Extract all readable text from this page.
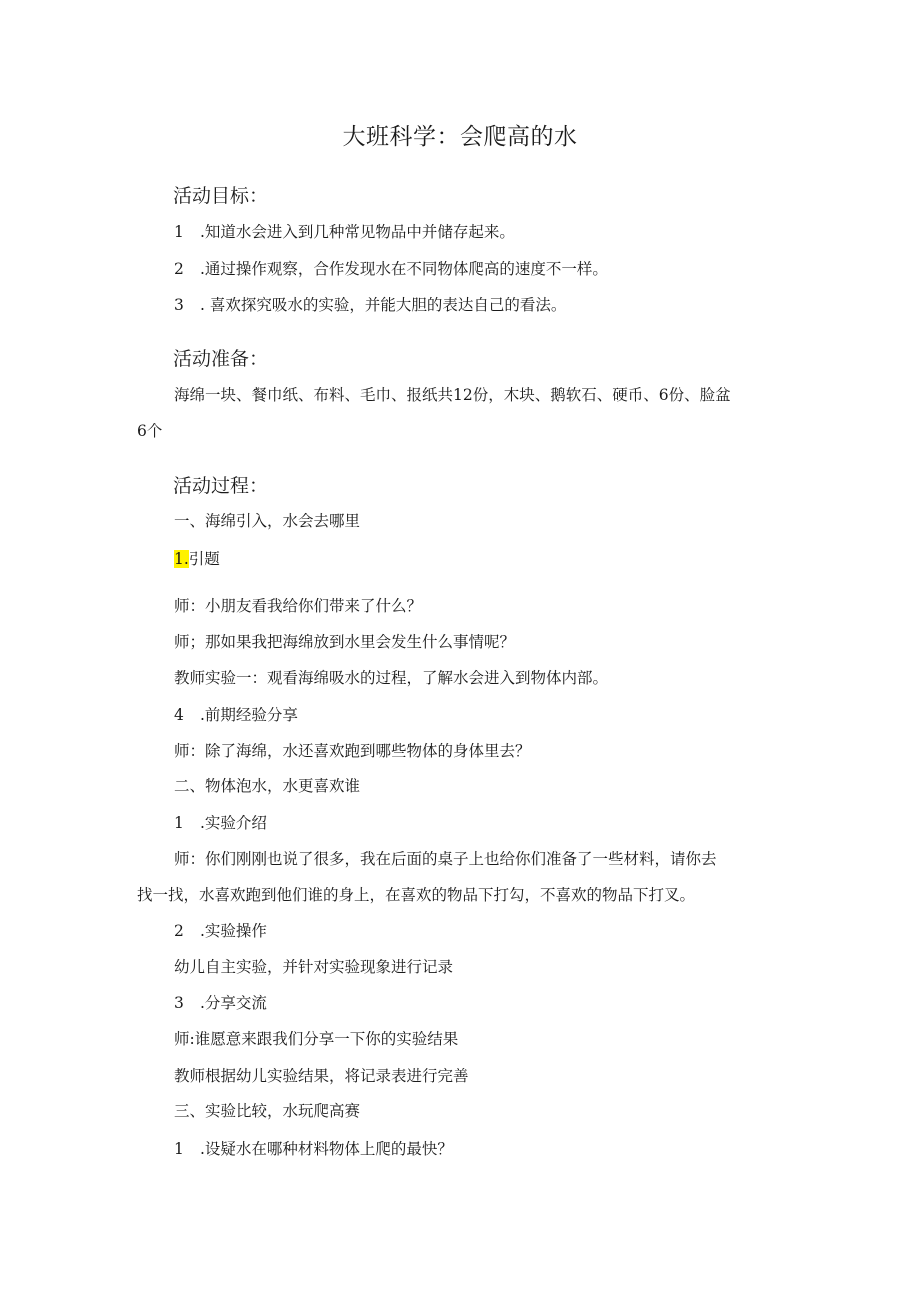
大班科学：会爬高的水
活动目标：

1 .知道水会进入到几种常见物品中并储存起来。

2 .通过操作观察，合作发现水在不同物体爬高的速度不一样。

3 . 喜欢探究吸水的实验，并能大胆的表达自己的看法。

活动准备：

海绵一块、餐巾纸、布料、毛巾、报纸共12份，木块、鹅软石、硬币、6份、脸盆

6个

活动过程：

一、海绵引入，水会去哪里

1.引题

师：小朋友看我给你们带来了什么？

师；那如果我把海绵放到水里会发生什么事情呢？

教师实验一：观看海绵吸水的过程，了解水会进入到物体内部。

4 .前期经验分享

师：除了海绵，水还喜欢跑到哪些物体的身体里去？

二、物体泡水，水更喜欢谁

1 .实验介绍

师：你们刚刚也说了很多，我在后面的桌子上也给你们准备了一些材料，请你去

找一找，水喜欢跑到他们谁的身上，在喜欢的物品下打勾，不喜欢的物品下打叉。

2 .实验操作

幼儿自主实验，并针对实验现象进行记录

3 .分享交流

师:谁愿意来跟我们分享一下你的实验结果

教师根据幼儿实验结果，将记录表进行完善

三、实验比较，水玩爬高赛

1 .设疑水在哪种材料物体上爬的最快？
